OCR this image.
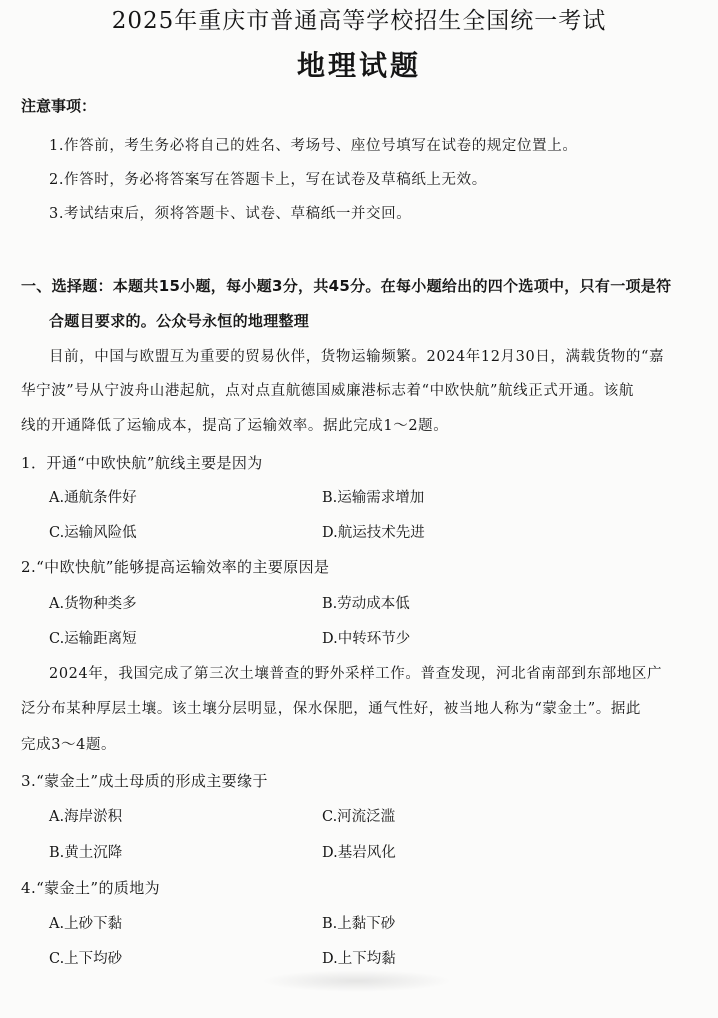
2025年重庆市普通高等学校招生全国统一考试
地理试题
注意事项：
1.作答前，考生务必将自己的姓名、考场号、座位号填写在试卷的规定位置上。
2.作答时，务必将答案写在答题卡上，写在试卷及草稿纸上无效。
3.考试结束后，须将答题卡、试卷、草稿纸一并交回。
一、选择题：本题共15小题，每小题3分，共45分。在每小题给出的四个选项中，只有一项是符
合题目要求的。公众号永恒的地理整理
目前，中国与欧盟互为重要的贸易伙伴，货物运输频繁。2024年12月30日，满载货物的“嘉
华宁波”号从宁波舟山港起航，点对点直航德国威廉港标志着“中欧快航”航线正式开通。该航
线的开通降低了运输成本，提高了运输效率。据此完成1～2题。
1．开通“中欧快航”航线主要是因为
A.通航条件好	B.运输需求增加
C.运输风险低	D.航运技术先进
2.“中欧快航”能够提高运输效率的主要原因是
A.货物种类多	B.劳动成本低
C.运输距离短	D.中转环节少
2024年，我国完成了第三次土壤普查的野外采样工作。普查发现，河北省南部到东部地区广
泛分布某种厚层土壤。该土壤分层明显，保水保肥，通气性好，被当地人称为“蒙金土”。据此
完成3～4题。
3.“蒙金土”成土母质的形成主要缘于
A.海岸淤积	C.河流泛滥
B.黄土沉降	D.基岩风化
4.“蒙金土”的质地为
A.上砂下黏	B.上黏下砂
C.上下均砂	D.上下均黏
